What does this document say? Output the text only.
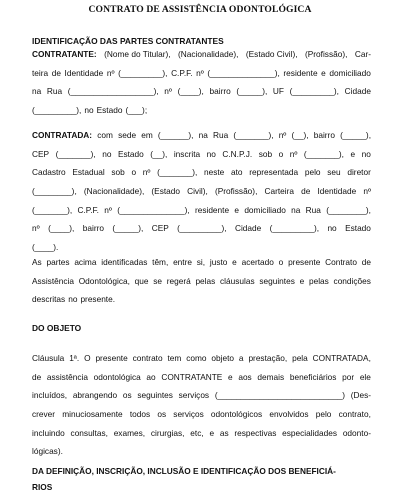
CONTRATO DE ASSISTÊNCIA ODONTOLÓGICA
IDENTIFICAÇÃO DAS PARTES CONTRATANTES
CONTRATANTE: (Nome do Titular), (Nacionalidade), (Estado Civil), (Profissão), Car-
teira de Identidade nº (_________), C.P.F. nº (______________), residente e domiciliado
na Rua (__________________), nº (____), bairro (_____), UF (_________), Cidade
(_________), no Estado (___);
CONTRATADA: com sede em (______), na Rua (_______), nº (__), bairro (_____),
CEP (_______), no Estado (__), inscrita no C.N.P.J. sob o nº (_______), e no
Cadastro Estadual sob o nº (_______), neste ato representada pelo seu diretor
(________), (Nacionalidade), (Estado Civil), (Profissão), Carteira de Identidade nº
(_______), C.P.F. nº (______________), residente e domiciliado na Rua (________),
nº (____), bairro (_____), CEP (_________), Cidade (_________), no Estado
(____).
As partes acima identificadas têm, entre si, justo e acertado o presente Contrato de
Assistência Odontológica, que se regerá pelas cláusulas seguintes e pelas condições
descritas no presente.
DO OBJETO
Cláusula 1ª. O presente contrato tem como objeto a prestação, pela CONTRATADA,
de assistência odontológica ao CONTRATANTE e aos demais beneficiários por ele
incluídos, abrangendo os seguintes serviços (___________________________) (Des-
crever minuciosamente todos os serviços odontológicos envolvidos pelo contrato,
incluindo consultas, exames, cirurgias, etc, e as respectivas especialidades odonto-
lógicas).
DA DEFINIÇÃO, INSCRIÇÃO, INCLUSÃO E IDENTIFICAÇÃO DOS BENEFICIÁ-
RIOS
